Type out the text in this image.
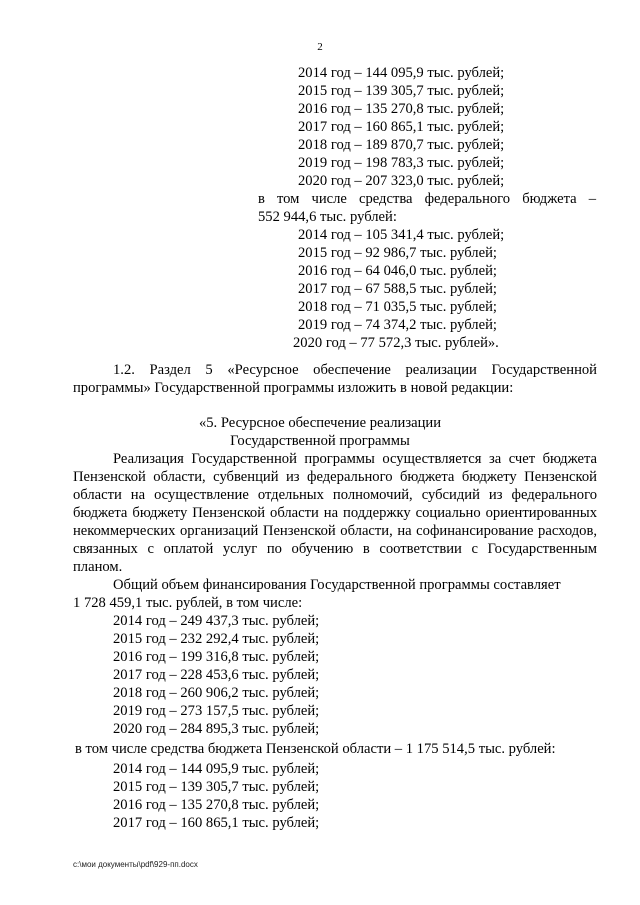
2
2014 год – 144 095,9 тыс. рублей;
2015 год – 139 305,7 тыс. рублей;
2016 год – 135 270,8 тыс. рублей;
2017 год – 160 865,1 тыс. рублей;
2018 год – 189 870,7 тыс. рублей;
2019 год – 198 783,3 тыс. рублей;
2020 год – 207 323,0 тыс. рублей;
в том числе средства федерального бюджета –
552 944,6 тыс. рублей:
2014 год – 105 341,4 тыс. рублей;
2015 год – 92 986,7 тыс. рублей;
2016 год – 64 046,0 тыс. рублей;
2017 год – 67 588,5 тыс. рублей;
2018 год – 71 035,5 тыс. рублей;
2019 год – 74 374,2 тыс. рублей;
2020 год – 77 572,3 тыс. рублей».
1.2. Раздел 5 «Ресурсное обеспечение реализации Государственной
программы» Государственной программы изложить в новой редакции:
«5. Ресурсное обеспечение реализации
Государственной программы
Реализация Государственной программы осуществляется за счет бюджета
Пензенской области, субвенций из федерального бюджета бюджету Пензенской
области на осуществление отдельных полномочий, субсидий из федерального
бюджета бюджету Пензенской области на поддержку социально ориентированных
некоммерческих организаций Пензенской области, на софинансирование расходов,
связанных с оплатой услуг по обучению в соответствии с Государственным
планом.
Общий объем финансирования Государственной программы составляет
1 728 459,1 тыс. рублей, в том числе:
2014 год – 249 437,3 тыс. рублей;
2015 год – 232 292,4 тыс. рублей;
2016 год – 199 316,8 тыс. рублей;
2017 год – 228 453,6 тыс. рублей;
2018 год – 260 906,2 тыс. рублей;
2019 год – 273 157,5 тыс. рублей;
2020 год – 284 895,3 тыс. рублей;
в том числе средства бюджета Пензенской области – 1 175 514,5 тыс. рублей:
2014 год – 144 095,9 тыс. рублей;
2015 год – 139 305,7 тыс. рублей;
2016 год – 135 270,8 тыс. рублей;
2017 год – 160 865,1 тыс. рублей;
c:\мои документы\pdf\929-пп.docx
